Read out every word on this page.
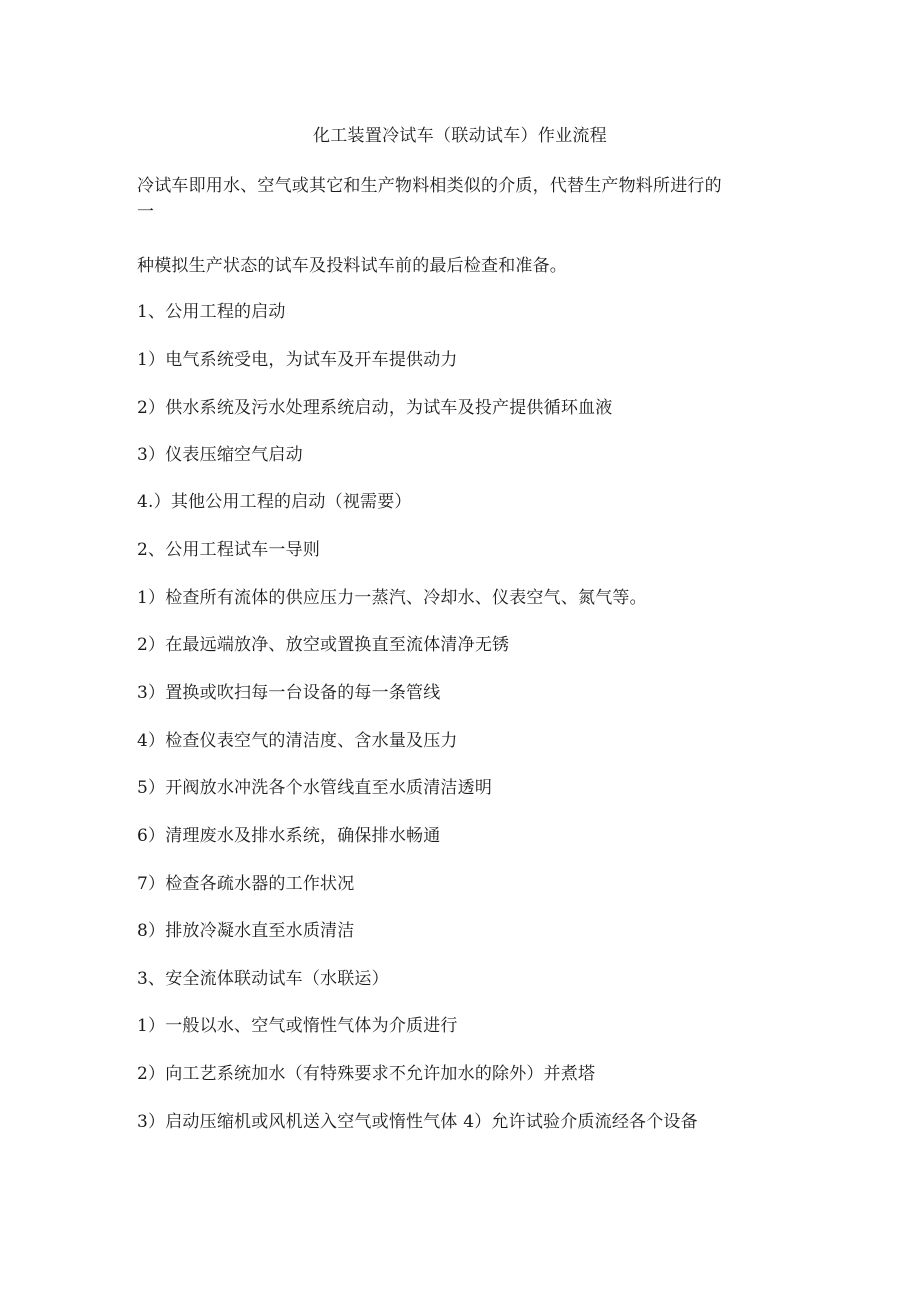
化工装置冷试车（联动试车）作业流程
冷试车即用水、空气或其它和生产物料相类似的介质，代替生产物料所进行的
一
种模拟生产状态的试车及投料试车前的最后检查和准备。
1、公用工程的启动
1）电气系统受电，为试车及开车提供动力
2）供水系统及污水处理系统启动，为试车及投产提供循环血液
3）仪表压缩空气启动
4.）其他公用工程的启动（视需要）
2、公用工程试车一导则
1）检查所有流体的供应压力一蒸汽、冷却水、仪表空气、氮气等。
2）在最远端放净、放空或置换直至流体清净无锈
3）置换或吹扫每一台设备的每一条管线
4）检查仪表空气的清洁度、含水量及压力
5）开阀放水冲洗各个水管线直至水质清洁透明
6）清理废水及排水系统，确保排水畅通
7）检查各疏水器的工作状况
8）排放冷凝水直至水质清洁
3、安全流体联动试车（水联运）
1）一般以水、空气或惰性气体为介质进行
2）向工艺系统加水（有特殊要求不允许加水的除外）并煮塔
3）启动压缩机或风机送入空气或惰性气体 4）允许试验介质流经各个设备
